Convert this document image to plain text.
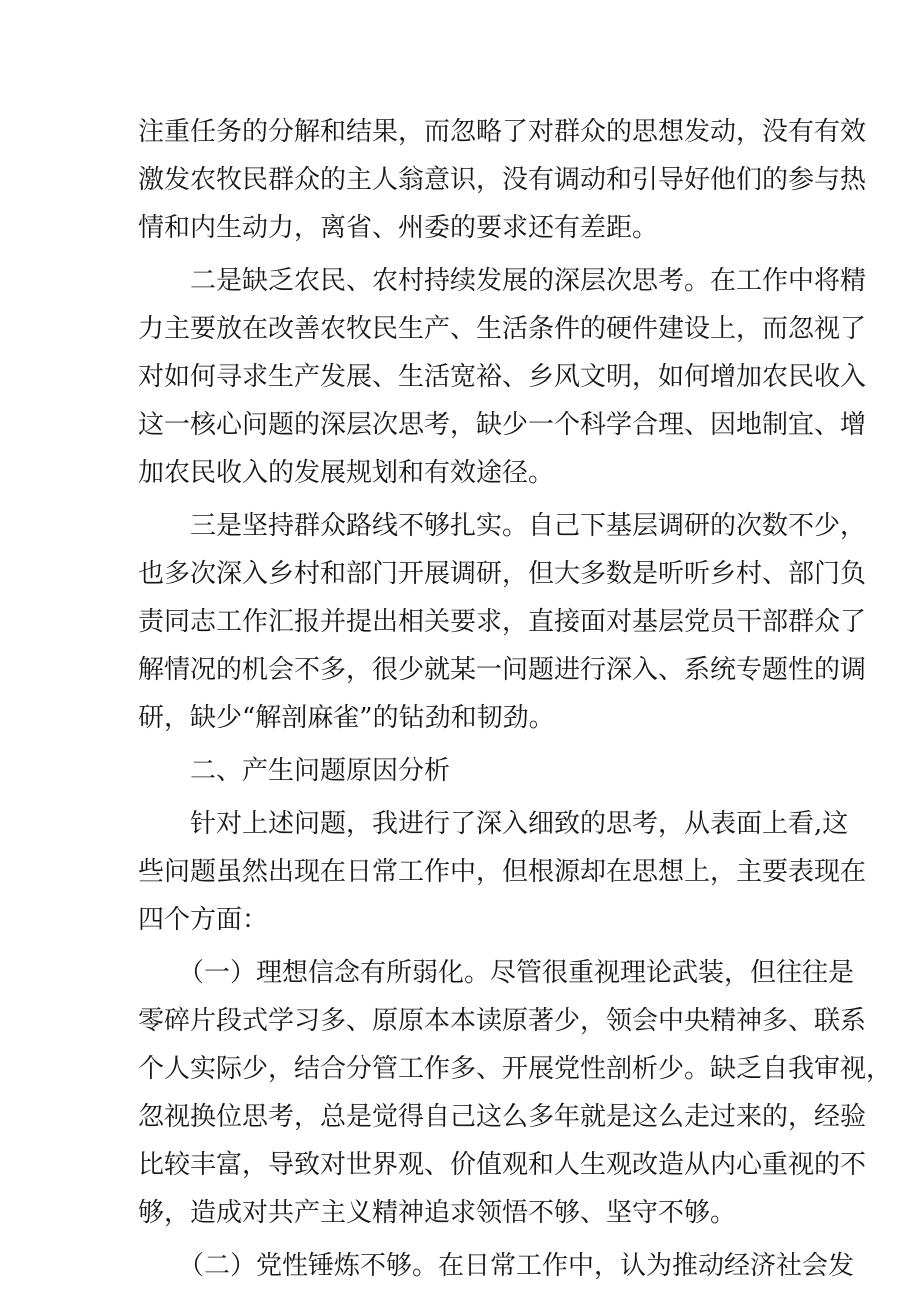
注重任务的分解和结果，而忽略了对群众的思想发动，没有有效
激发农牧民群众的主人翁意识，没有调动和引导好他们的参与热
情和内生动力，离省、州委的要求还有差距。

二是缺乏农民、农村持续发展的深层次思考。在工作中将精
力主要放在改善农牧民生产、生活条件的硬件建设上，而忽视了
对如何寻求生产发展、生活宽裕、乡风文明，如何增加农民收入
这一核心问题的深层次思考，缺少一个科学合理、因地制宜、增
加农民收入的发展规划和有效途径。

三是坚持群众路线不够扎实。自己下基层调研的次数不少，
也多次深入乡村和部门开展调研，但大多数是听听乡村、部门负
责同志工作汇报并提出相关要求，直接面对基层党员干部群众了
解情况的机会不多，很少就某一问题进行深入、系统专题性的调
研，缺少“解剖麻雀”的钻劲和韧劲。

二、产生问题原因分析

针对上述问题，我进行了深入细致的思考，从表面上看,这
些问题虽然出现在日常工作中，但根源却在思想上，主要表现在
四个方面：

（一）理想信念有所弱化。尽管很重视理论武装，但往往是
零碎片段式学习多、原原本本读原著少，领会中央精神多、联系
个人实际少，结合分管工作多、开展党性剖析少。缺乏自我审视，
忽视换位思考，总是觉得自己这么多年就是这么走过来的，经验
比较丰富，导致对世界观、价值观和人生观改造从内心重视的不
够，造成对共产主义精神追求领悟不够、坚守不够。

（二）党性锤炼不够。在日常工作中，认为推动经济社会发
